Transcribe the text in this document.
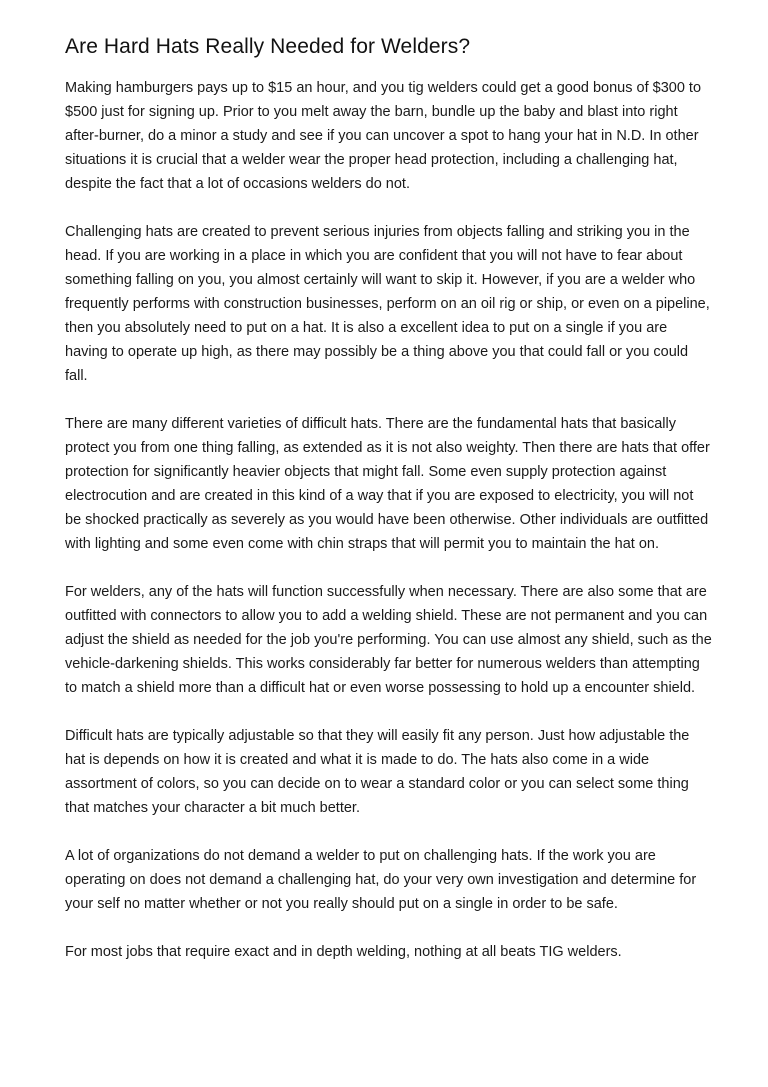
Are Hard Hats Really Needed for Welders?

Making hamburgers pays up to $15 an hour, and you tig welders could get a good bonus of $300 to $500 just for signing up. Prior to you melt away the barn, bundle up the baby and blast into right after-burner, do a minor a study and see if you can uncover a spot to hang your hat in N.D. In other situations it is crucial that a welder wear the proper head protection, including a challenging hat, despite the fact that a lot of occasions welders do not.

Challenging hats are created to prevent serious injuries from objects falling and striking you in the head. If you are working in a place in which you are confident that you will not have to fear about something falling on you, you almost certainly will want to skip it. However, if you are a welder who frequently performs with construction businesses, perform on an oil rig or ship, or even on a pipeline, then you absolutely need to put on a hat. It is also a excellent idea to put on a single if you are having to operate up high, as there may possibly be a thing above you that could fall or you could fall.

There are many different varieties of difficult hats. There are the fundamental hats that basically protect you from one thing falling, as extended as it is not also weighty. Then there are hats that offer protection for significantly heavier objects that might fall. Some even supply protection against electrocution and are created in this kind of a way that if you are exposed to electricity, you will not be shocked practically as severely as you would have been otherwise. Other individuals are outfitted with lighting and some even come with chin straps that will permit you to maintain the hat on.

For welders, any of the hats will function successfully when necessary. There are also some that are outfitted with connectors to allow you to add a welding shield. These are not permanent and you can adjust the shield as needed for the job you're performing. You can use almost any shield, such as the vehicle-darkening shields. This works considerably far better for numerous welders than attempting to match a shield more than a difficult hat or even worse possessing to hold up a encounter shield.

Difficult hats are typically adjustable so that they will easily fit any person. Just how adjustable the hat is depends on how it is created and what it is made to do. The hats also come in a wide assortment of colors, so you can decide on to wear a standard color or you can select some thing that matches your character a bit much better.

A lot of organizations do not demand a welder to put on challenging hats. If the work you are operating on does not demand a challenging hat, do your very own investigation and determine for your self no matter whether or not you really should put on a single in order to be safe.

For most jobs that require exact and in depth welding, nothing at all beats TIG welders.
